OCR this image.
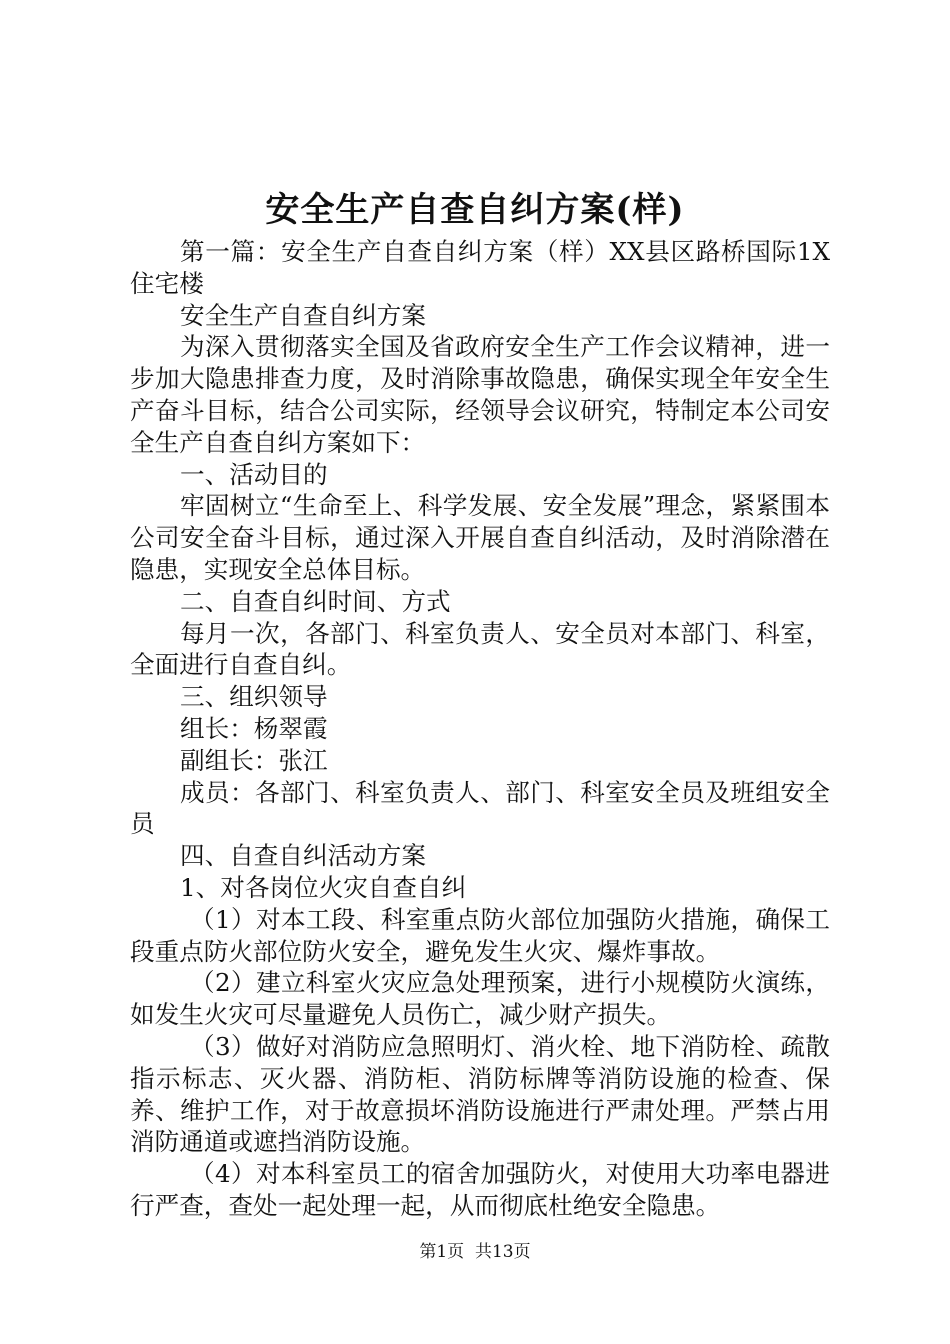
安全生产自查自纠方案(样)

第一篇：安全生产自查自纠方案（样）XX县区路桥国际1X住宅楼

安全生产自查自纠方案

为深入贯彻落实全国及省政府安全生产工作会议精神，进一步加大隐患排查力度，及时消除事故隐患，确保实现全年安全生产奋斗目标，结合公司实际，经领导会议研究，特制定本公司安全生产自查自纠方案如下：

一、活动目的

牢固树立“生命至上、科学发展、安全发展”理念，紧紧围本公司安全奋斗目标，通过深入开展自查自纠活动，及时消除潜在隐患，实现安全总体目标。

二、自查自纠时间、方式

每月一次，各部门、科室负责人、安全员对本部门、科室，全面进行自查自纠。

三、组织领导

组长：杨翠霞

副组长：张江

成员：各部门、科室负责人、部门、科室安全员及班组安全员

四、自查自纠活动方案

1、对各岗位火灾自查自纠

（1）对本工段、科室重点防火部位加强防火措施，确保工段重点防火部位防火安全，避免发生火灾、爆炸事故。

（2）建立科室火灾应急处理预案，进行小规模防火演练，如发生火灾可尽量避免人员伤亡，减少财产损失。

（3）做好对消防应急照明灯、消火栓、地下消防栓、疏散指示标志、灭火器、消防柜、消防标牌等消防设施的检查、保养、维护工作，对于故意损坏消防设施进行严肃处理。严禁占用消防通道或遮挡消防设施。

（4）对本科室员工的宿舍加强防火，对使用大功率电器进行严查，查处一起处理一起，从而彻底杜绝安全隐患。

第1页  共13页
